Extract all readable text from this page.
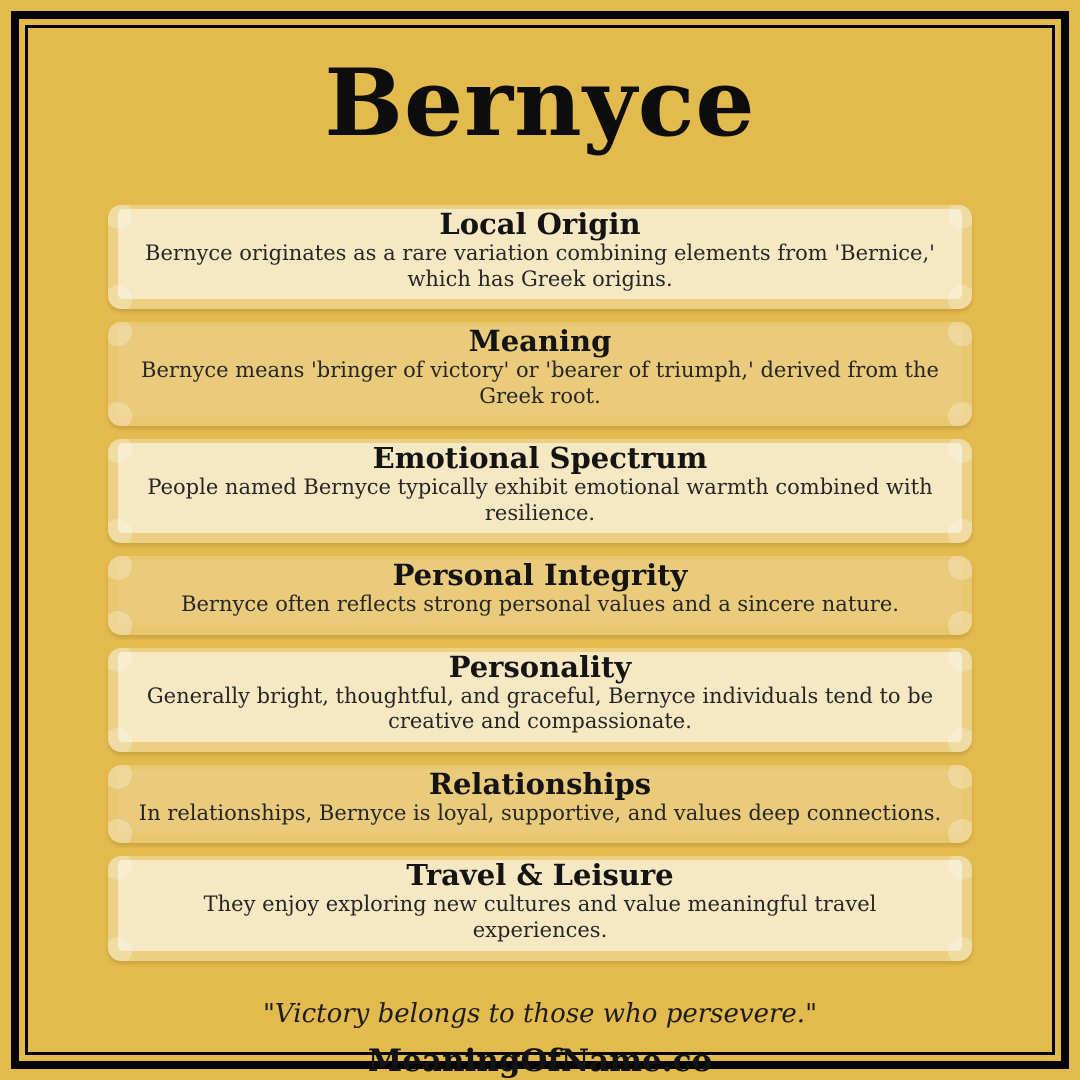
Bernyce
Local Origin

Bernyce originates as a rare variation combining elements from 'Bernice,' which has Greek origins.

Meaning

Bernyce means 'bringer of victory' or 'bearer of triumph,' derived from the Greek root.

Emotional Spectrum

People named Bernyce typically exhibit emotional warmth combined with resilience.

Personal Integrity

Bernyce often reflects strong personal values and a sincere nature.

Personality

Generally bright, thoughtful, and graceful, Bernyce individuals tend to be creative and compassionate.

Relationships

In relationships, Bernyce is loyal, supportive, and values deep connections.

Travel & Leisure

They enjoy exploring new cultures and value meaningful travel experiences.

"Victory belongs to those who persevere."

MeaningOfName.co
